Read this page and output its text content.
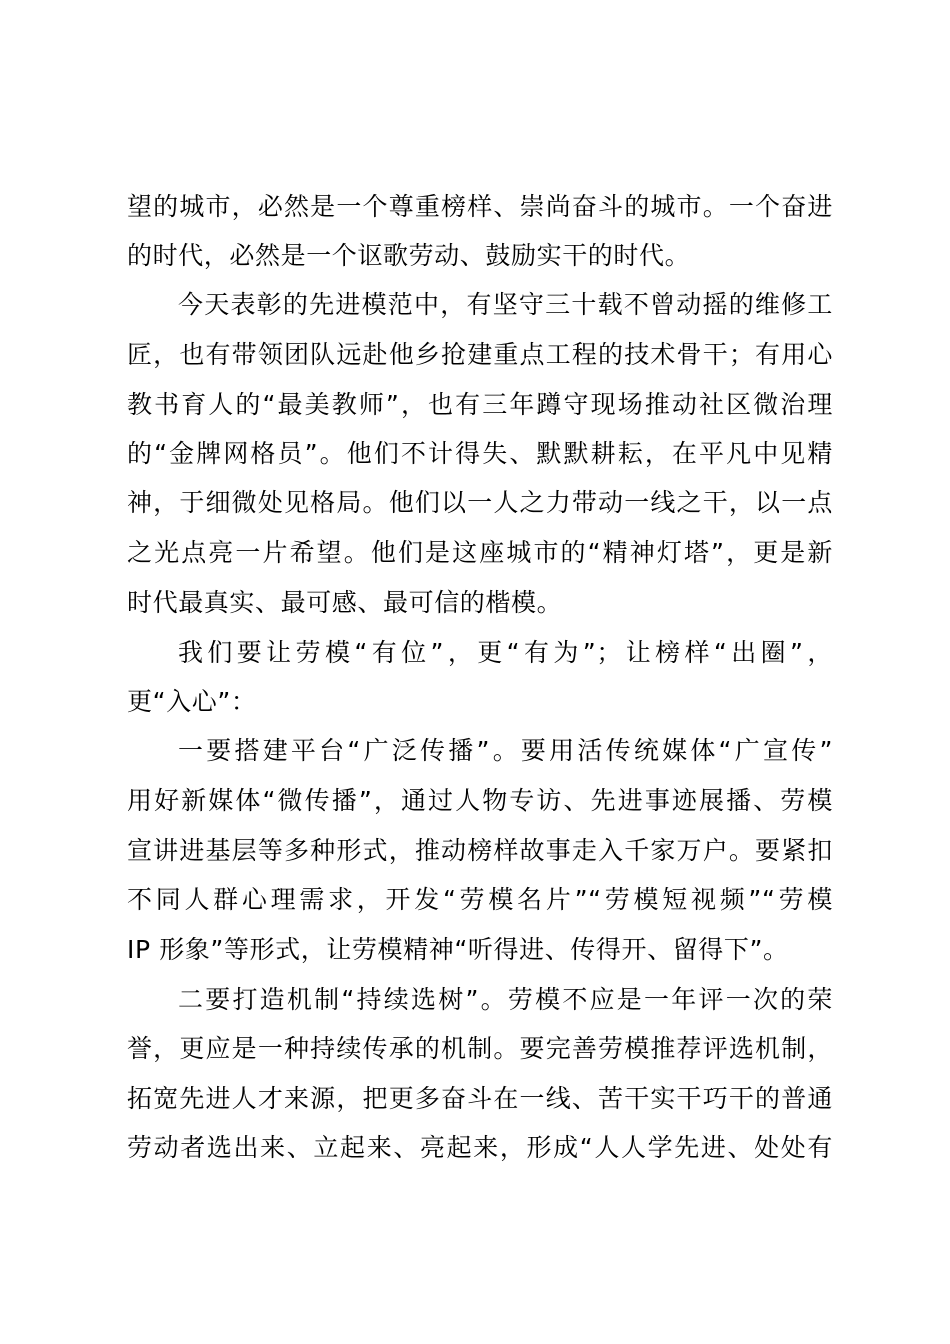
望的城市，必然是一个尊重榜样、崇尚奋斗的城市。一个奋进
的时代，必然是一个讴歌劳动、鼓励实干的时代。
今天表彰的先进模范中，有坚守三十载不曾动摇的维修工
匠，也有带领团队远赴他乡抢建重点工程的技术骨干；有用心
教书育人的“最美教师”，也有三年蹲守现场推动社区微治理
的“金牌网格员”。他们不计得失、默默耕耘，在平凡中见精
神，于细微处见格局。他们以一人之力带动一线之干，以一点
之光点亮一片希望。他们是这座城市的“精神灯塔”，更是新
时代最真实、最可感、最可信的楷模。
我们要让劳模“有位”，更“有为”；让榜样“出圈”，
更“入心”：
一要搭建平台“广泛传播”。要用活传统媒体“广宣传”
用好新媒体“微传播”，通过人物专访、先进事迹展播、劳模
宣讲进基层等多种形式，推动榜样故事走入千家万户。要紧扣
不同人群心理需求，开发“劳模名片”“劳模短视频”“劳模
IP 形象”等形式，让劳模精神“听得进、传得开、留得下”。
二要打造机制“持续选树”。劳模不应是一年评一次的荣
誉，更应是一种持续传承的机制。要完善劳模推荐评选机制，
拓宽先进人才来源，把更多奋斗在一线、苦干实干巧干的普通
劳动者选出来、立起来、亮起来，形成“人人学先进、处处有
